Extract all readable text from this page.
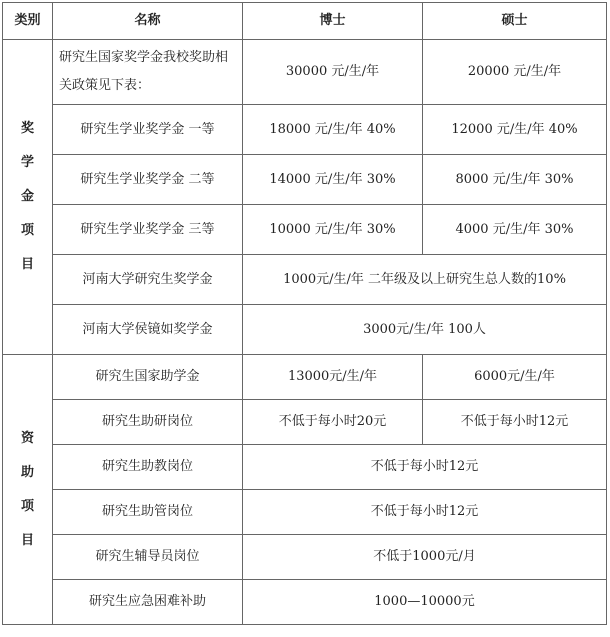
类别	名称	博士	硕士

奖
学
金
项
目	研究生国家奖学金我校奖助相关政策见下表：	30000 元/生/年	20000 元/生/年
	研究生学业奖学金 一等	18000 元/生/年 40%	12000 元/生/年 40%
	研究生学业奖学金 二等	14000 元/生/年 30%	8000 元/生/年 30%
	研究生学业奖学金 三等	10000 元/生/年 30%	4000 元/生/年 30%
	河南大学研究生奖学金	1000元/生/年 二年级及以上研究生总人数的10%	
	河南大学侯镜如奖学金	3000元/生/年 100人	

资
助
项
目	研究生国家助学金	13000元/生/年	6000元/生/年
	研究生助研岗位	不低于每小时20元	不低于每小时12元
	研究生助教岗位	不低于每小时12元	
	研究生助管岗位	不低于每小时12元	
	研究生辅导员岗位	不低于1000元/月	
	研究生应急困难补助	1000—10000元	
